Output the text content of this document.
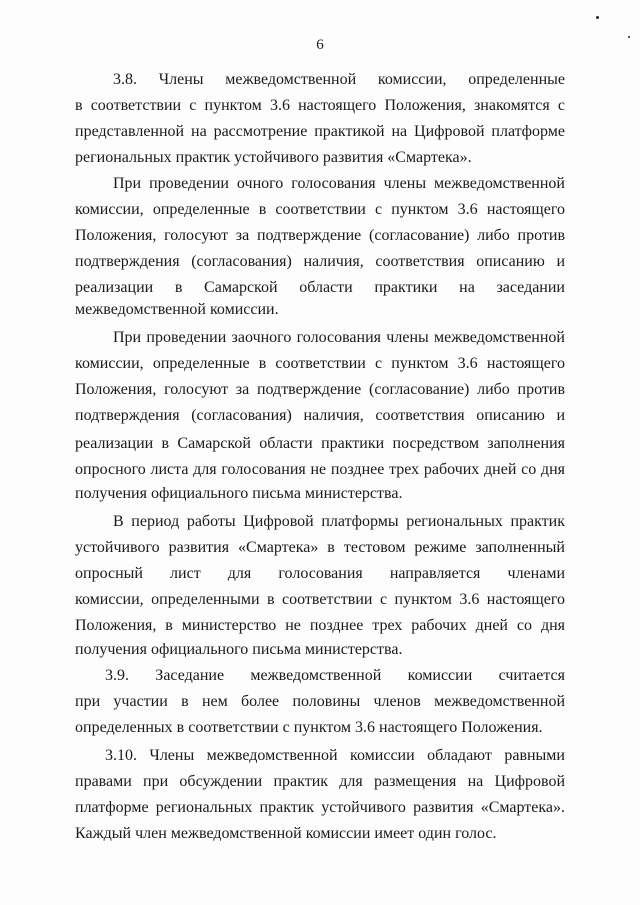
6
3.8. Члены межведомственной комиссии, определенные
в соответствии с пунктом 3.6 настоящего Положения, знакомятся с
представленной на рассмотрение практикой на Цифровой платформе
региональных практик устойчивого развития «Смартека».
При проведении очного голосования члены межведомственной
комиссии, определенные в соответствии с пунктом 3.6 настоящего
Положения, голосуют за подтверждение (согласование) либо против
подтверждения (согласования) наличия, соответствия описанию и
реализации в Самарской области практики на заседании
межведомственной комиссии.
При проведении заочного голосования члены межведомственной
комиссии, определенные в соответствии с пунктом 3.6 настоящего
Положения, голосуют за подтверждение (согласование) либо против
подтверждения (согласования) наличия, соответствия описанию и
реализации в Самарской области практики посредством заполнения
опросного листа для голосования не позднее трех рабочих дней со дня
получения официального письма министерства.
В период работы Цифровой платформы региональных практик
устойчивого развития «Смартека» в тестовом режиме заполненный
опросный лист для голосования направляется членами
комиссии, определенными в соответствии с пунктом 3.6 настоящего
Положения, в министерство не позднее трех рабочих дней со дня
получения официального письма министерства.
3.9. Заседание межведомственной комиссии считается
при участии в нем более половины членов межведомственной
определенных в соответствии с пунктом 3.6 настоящего Положения.
3.10. Члены межведомственной комиссии обладают равными
правами при обсуждении практик для размещения на Цифровой
платформе региональных практик устойчивого развития «Смартека».
Каждый член межведомственной комиссии имеет один голос.
